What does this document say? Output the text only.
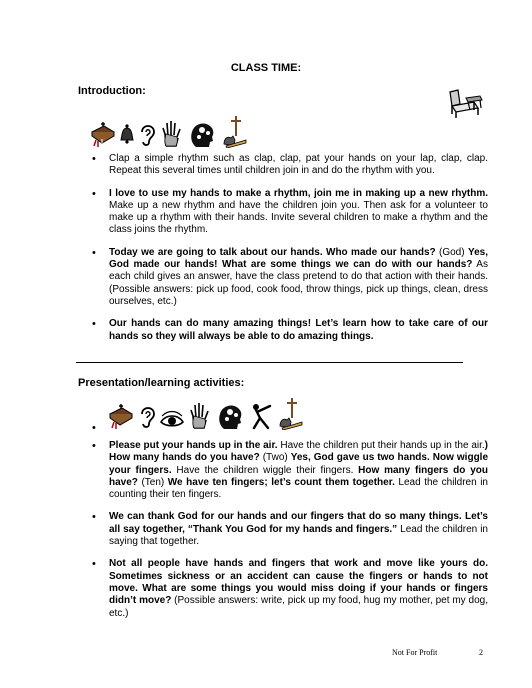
CLASS TIME:
Introduction:
• Clap a simple rhythm such as clap, clap, pat your hands on your lap, clap, clap. Repeat this several times until children join in and do the rhythm with you.
• I love to use my hands to make a rhythm, join me in making up a new rhythm. Make up a new rhythm and have the children join you. Then ask for a volunteer to make up a rhythm with their hands. Invite several children to make a rhythm and the class joins the rhythm.
• Today we are going to talk about our hands. Who made our hands? (God) Yes, God made our hands! What are some things we can do with our hands? As each child gives an answer, have the class pretend to do that action with their hands. (Possible answers: pick up food, cook food, throw things, pick up things, clean, dress ourselves, etc.)
• Our hands can do many amazing things! Let’s learn how to take care of our hands so they will always be able to do amazing things.
Presentation/learning activities:
•
• Please put your hands up in the air. Have the children put their hands up in the air.) How many hands do you have? (Two) Yes, God gave us two hands. Now wiggle your fingers. Have the children wiggle their fingers. How many fingers do you have? (Ten) We have ten fingers; let’s count them together. Lead the children in counting their ten fingers.
• We can thank God for our hands and our fingers that do so many things. Let’s all say together, “Thank You God for my hands and fingers.” Lead the children in saying that together.
• Not all people have hands and fingers that work and move like yours do. Sometimes sickness or an accident can cause the fingers or hands to not move. What are some things you would miss doing if your hands or fingers didn’t move? (Possible answers: write, pick up my food, hug my mother, pet my dog, etc.)
Not For Profit	2
